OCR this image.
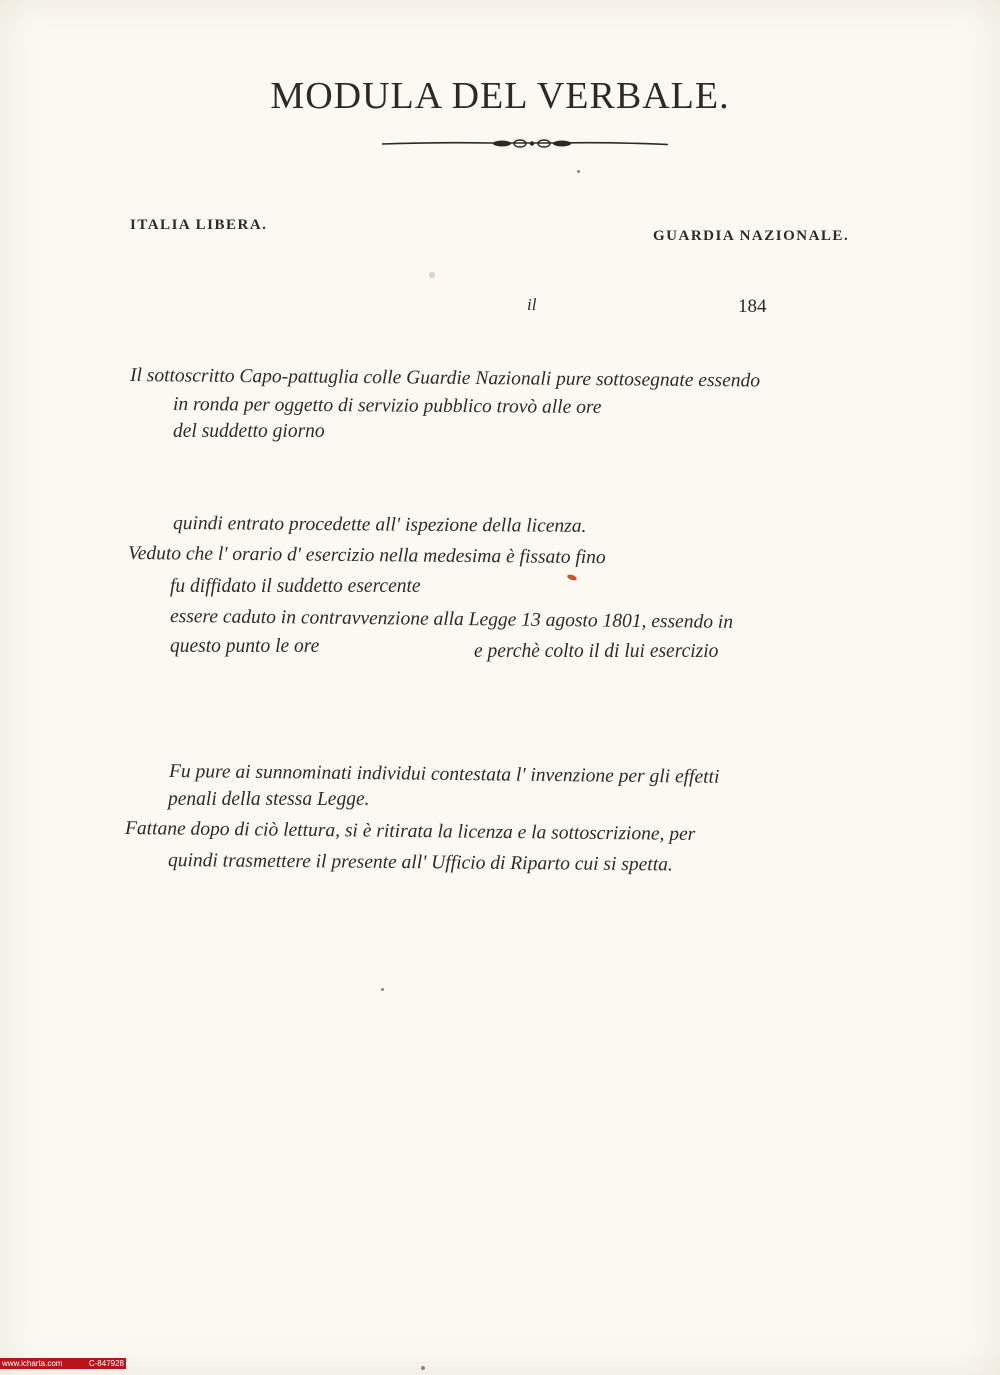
MODULA DEL VERBALE.
ITALIA LIBERA.
GUARDIA NAZIONALE.
il	184
Il sottoscritto Capo-pattuglia colle Guardie Nazionali pure sottosegnate essendo
in ronda per oggetto di servizio pubblico trovò alle ore
del suddetto giorno
quindi entrato procedette all' ispezione della licenza.
Veduto che l' orario d' esercizio nella medesima è fissato fino
fu diffidato il suddetto esercente
essere caduto in contravvenzione alla Legge 13 agosto 1801, essendo in
questo punto le ore	e perchè colto il di lui esercizio
Fu pure ai sunnominati individui contestata l' invenzione per gli effetti
penali della stessa Legge.
Fattane dopo di ciò lettura, si è ritirata la licenza e la sottoscrizione, per
quindi trasmettere il presente all' Ufficio di Riparto cui si spetta.
www.icharta.com	C-847928
